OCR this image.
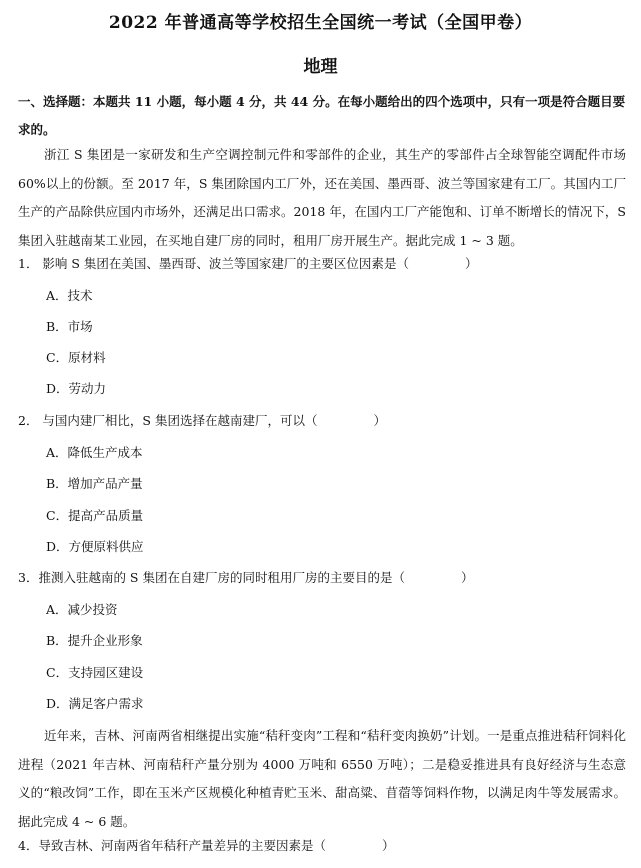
2022 年普通高等学校招生全国统一考试（全国甲卷）
地理
一、选择题：本题共 11 小题，每小题 4 分，共 44 分。在每小题给出的四个选项中，只有一项是符合题目要求的。
浙江 S 集团是一家研发和生产空调控制元件和零部件的企业，其生产的零部件占全球智能空调配件市场 60%以上的份额。至 2017 年，S 集团除国内工厂外，还在美国、墨西哥、波兰等国家建有工厂。其国内工厂生产的产品除供应国内市场外，还满足出口需求。2018 年，在国内工厂产能饱和、订单不断增长的情况下，S 集团入驻越南某工业园，在买地自建厂房的同时，租用厂房开展生产。据此完成 1 ~ 3 题。
1． 影响 S 集团在美国、墨西哥、波兰等国家建厂的主要区位因素是（	）
A．技术
B．市场
C．原材料
D．劳动力
2． 与国内建厂相比，S 集团选择在越南建厂，可以（	）
A．降低生产成本
B．增加产品产量
C．提高产品质量
D．方便原料供应
3．推测入驻越南的 S 集团在自建厂房的同时租用厂房的主要目的是（	）
A．减少投资
B．提升企业形象
C．支持园区建设
D．满足客户需求
近年来，吉林、河南两省相继提出实施“秸秆变肉”工程和“秸秆变肉换奶”计划。一是重点推进秸秆饲料化进程（2021 年吉林、河南秸秆产量分别为 4000 万吨和 6550 万吨）；二是稳妥推进具有良好经济与生态意义的“粮改饲”工作，即在玉米产区规模化种植青贮玉米、甜高粱、苜蓿等饲料作物，以满足肉牛等发展需求。据此完成 4 ~ 6 题。
4．导致吉林、河南两省年秸秆产量差异的主要因素是（	）
